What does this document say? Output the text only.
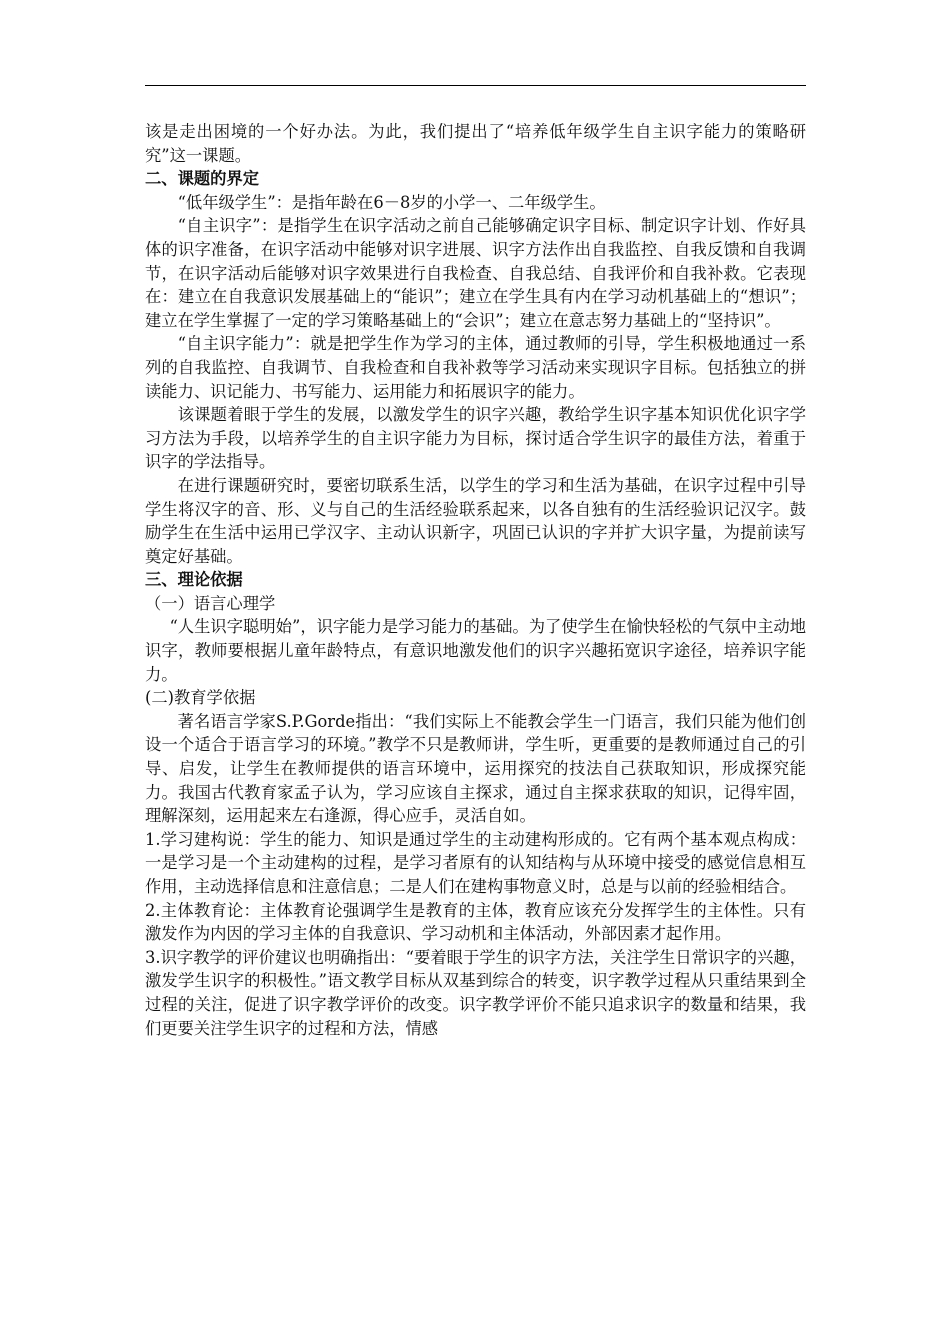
该是走出困境的一个好办法。为此，我们提出了“培养低年级学生自主识字能力的策略研究”这一课题。

二、课题的界定

“低年级学生”：是指年龄在6－8岁的小学一、二年级学生。

“自主识字”：是指学生在识字活动之前自己能够确定识字目标、制定识字计划、作好具体的识字准备，在识字活动中能够对识字进展、识字方法作出自我监控、自我反馈和自我调节，在识字活动后能够对识字效果进行自我检查、自我总结、自我评价和自我补救。它表现在：建立在自我意识发展基础上的“能识”；建立在学生具有内在学习动机基础上的“想识”；建立在学生掌握了一定的学习策略基础上的“会识”；建立在意志努力基础上的“坚持识”。

“自主识字能力”：就是把学生作为学习的主体，通过教师的引导，学生积极地通过一系列的自我监控、自我调节、自我检查和自我补救等学习活动来实现识字目标。包括独立的拼读能力、识记能力、书写能力、运用能力和拓展识字的能力。

该课题着眼于学生的发展，以激发学生的识字兴趣，教给学生识字基本知识优化识字学习方法为手段，以培养学生的自主识字能力为目标，探讨适合学生识字的最佳方法，着重于识字的学法指导。

在进行课题研究时，要密切联系生活，以学生的学习和生活为基础，在识字过程中引导学生将汉字的音、形、义与自己的生活经验联系起来，以各自独有的生活经验识记汉字。鼓励学生在生活中运用已学汉字、主动认识新字，巩固已认识的字并扩大识字量，为提前读写奠定好基础。

三、理论依据

（一）语言心理学

“人生识字聪明始”，识字能力是学习能力的基础。为了使学生在愉快轻松的气氛中主动地识字，教师要根据儿童年龄特点，有意识地激发他们的识字兴趣拓宽识字途径，培养识字能力。

(二)教育学依据

著名语言学家S.P.Gorde指出：“我们实际上不能教会学生一门语言，我们只能为他们创设一个适合于语言学习的环境。”教学不只是教师讲，学生听，更重要的是教师通过自己的引导、启发，让学生在教师提供的语言环境中，运用探究的技法自己获取知识，形成探究能力。我国古代教育家孟子认为，学习应该自主探求，通过自主探求获取的知识，记得牢固，理解深刻，运用起来左右逢源，得心应手，灵活自如。

1.学习建构说：学生的能力、知识是通过学生的主动建构形成的。它有两个基本观点构成：一是学习是一个主动建构的过程，是学习者原有的认知结构与从环境中接受的感觉信息相互作用，主动选择信息和注意信息；二是人们在建构事物意义时，总是与以前的经验相结合。

2.主体教育论：主体教育论强调学生是教育的主体，教育应该充分发挥学生的主体性。只有激发作为内因的学习主体的自我意识、学习动机和主体活动，外部因素才起作用。

3.识字教学的评价建议也明确指出：“要着眼于学生的识字方法，关注学生日常识字的兴趣，激发学生识字的积极性。”语文教学目标从双基到综合的转变，识字教学过程从只重结果到全过程的关注，促进了识字教学评价的改变。识字教学评价不能只追求识字的数量和结果，我们更要关注学生识字的过程和方法，情感
